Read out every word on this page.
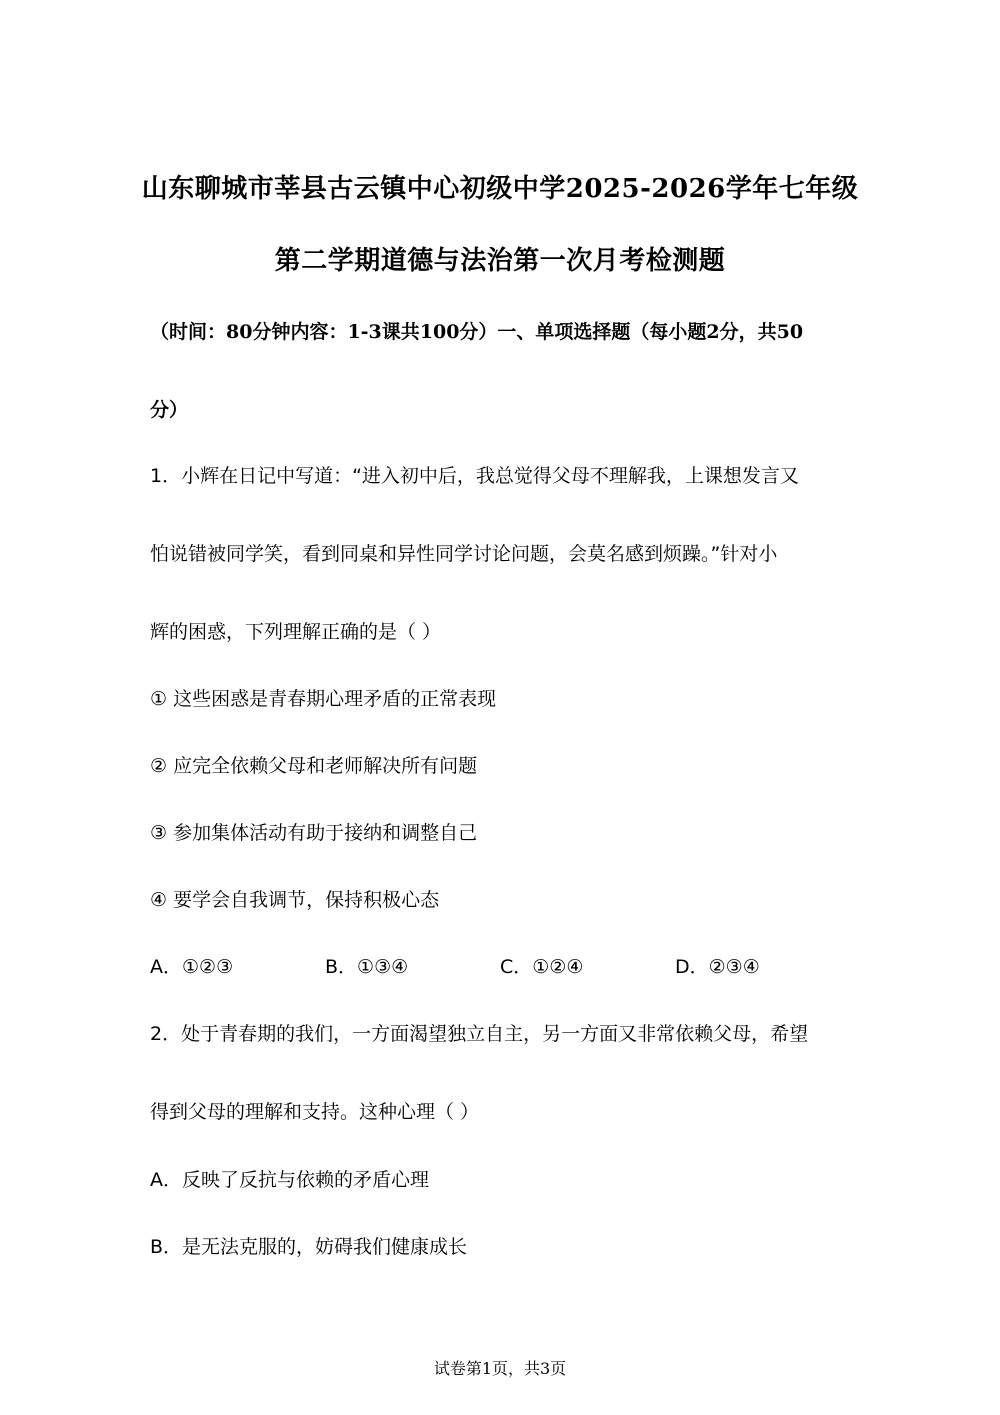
山东聊城市莘县古云镇中心初级中学2025-2026学年七年级
第二学期道德与法治第一次月考检测题
（时间：80分钟内容：1-3课共100分）一、单项选择题（每小题2分，共50
分）
1．小辉在日记中写道：“进入初中后，我总觉得父母不理解我，上课想发言又
怕说错被同学笑，看到同桌和异性同学讨论问题，会莫名感到烦躁。”针对小
辉的困惑，下列理解正确的是（ ）
① 这些困惑是青春期心理矛盾的正常表现
② 应完全依赖父母和老师解决所有问题
③ 参加集体活动有助于接纳和调整自己
④ 要学会自我调节，保持积极心态
A．①②③	B．①③④	C．①②④	D．②③④
2．处于青春期的我们，一方面渴望独立自主，另一方面又非常依赖父母，希望
得到父母的理解和支持。这种心理（ ）
A．反映了反抗与依赖的矛盾心理
B．是无法克服的，妨碍我们健康成长
试卷第1页，共3页
